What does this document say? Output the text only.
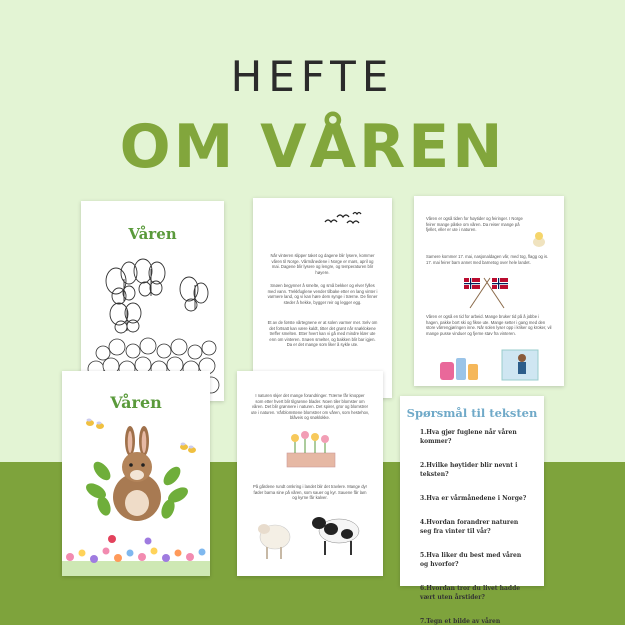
HEFTE
OM VÅREN
Våren
Når vinteren slipper taket og dagene blir lysere, kommer våren til Norge. Vårmånedene i Norge er mars, april og mai. Dagene blir lysere og lengre, og temperaturen blir høyere.
Snøen begynner å smelte, og små bekker og elver fylles med vann. Trekkfuglene vender tilbake etter en lang vinter i varmere land, og vi kan høre dem synge i trærne. De finner steder å hekke, bygger reir og legger egg.
Et av de første vårtegnene er at solen varmer mer. Selv om det fortsatt kan være kaldt, titter det grønt når snøklokene treffer smelten. Etter hvert kan vi gå med mindre klær ute enn om vinteren. Snøen smelter, og bakken blir bar igjen. Da er det mange som liker å sykle ute.
Våren er også tiden for høytider og feiringer. I Norge feirer mange påske om våren. Da reiser mange på fjellet, eller er ute i naturen.
Samere kommer 17. mai, nasjonaldagen vår, med tog, flagg og is. 17. mai feirer barn annet med barnetog over hele landet.
Våren er også en tid for arbeid. Mange bruker tid på å jobbe i hagen, pakke bort ski og fikse ute. Mange setter i gang med den store vårrengjøringen inne. Når solen lyser opp i kriker og kroker, vil mange pusse vinduer og fjerne støv fra vinteren.
Våren	I naturen skjer det mange forandringer. Trærne får knopper som etter hvert blir tilgrønne blader. Noen tiler blomster om våren. Det blir grønnere i naturen. Det spirer, gror og blomstrer ute i naturen. Vårblomstene blomstrer om våren, som hestehov, blåveis og snøklokke.
På gårdene rundt omkring i landet blir det travlere. Mange dyr føder barna sine på våren, som sauer og kyr. Sauene får lam og kyrne får kalver.
Spørsmål til teksten
1.Hva gjør fuglene når våren kommer?
2.Hvilke høytider blir nevnt i teksten?
3.Hva er vårmånedene i Norge?
4.Hvordan forandrer naturen seg fra vinter til vår?
5.Hva liker du best med våren og hvorfor?
6.Hvordan tror du livet hadde vært uten årstider?
7.Tegn et bilde av våren
